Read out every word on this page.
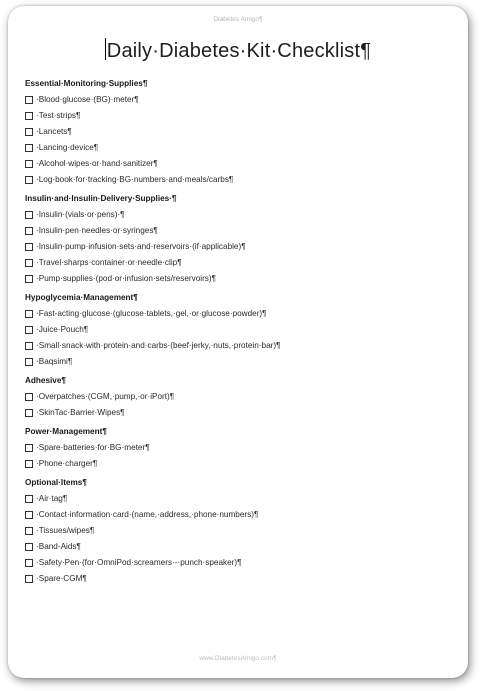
Diabetes Amigo¶
Daily·Diabetes·Kit·Checklist¶
Essential·Monitoring·Supplies¶
·Blood·glucose·(BG)·meter¶
·Test·strips¶
·Lancets¶
·Lancing·device¶
·Alcohol·wipes·or·hand·sanitizer¶
·Log·book·for·tracking·BG·numbers·and·meals/carbs¶
Insulin·and·Insulin·Delivery·Supplies·¶
·Insulin·(vials·or·pens)·¶
·Insulin·pen·needles·or·syringes¶
·Insulin·pump·infusion·sets·and·reservoirs·(if·applicable)¶
·Travel·sharps·container·or·needle·clip¶
·Pump·supplies·(pod·or·infusion·sets/reservoirs)¶
Hypoglycemia·Management¶
·Fast-acting·glucose·(glucose·tablets,·gel,·or·glucose·powder)¶
·Juice·Pouch¶
·Small·snack·with·protein·and·carbs·(beef·jerky,·nuts,·protein·bar)¶
·Baqsimi¶
Adhesive¶
·Overpatches·(CGM,·pump,·or·iPort)¶
·SkinTac·Barrier·Wipes¶
Power·Management¶
·Spare·batteries·for·BG·meter¶
·Phone·charger¶
Optional·Items¶
·Air·tag¶
·Contact·information·card·(name,·address,·phone·numbers)¶
·Tissues/wipes¶
·Band-Aids¶
·Safety·Pen·(for·OmniPod·screamers·-·punch·speaker)¶
·Spare·CGM¶
www.DiabetesAmigo.com¶
